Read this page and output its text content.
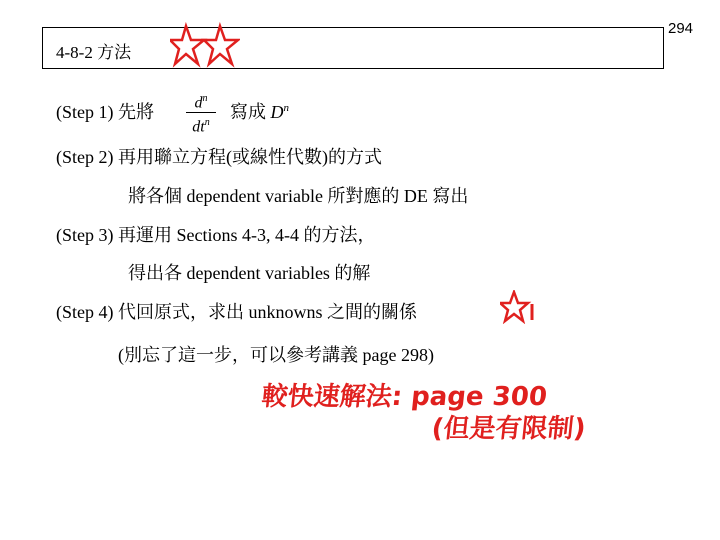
294
4-8-2 方法
(Step 1) 先將	$d^n$
$dt^n$
寫成 $D^n$
(Step 2) 再用聯立方程(或線性代數)的方式
將各個 dependent variable 所對應的 DE 寫出
(Step 3) 再運用 Sections 4-3, 4-4 的方法，
得出各 dependent variables 的解
(Step 4) 代回原式，求出 unknowns 之間的關係
(別忘了這一步，可以參考講義 page 298)
較快速解法: page 300
(但是有限制)
